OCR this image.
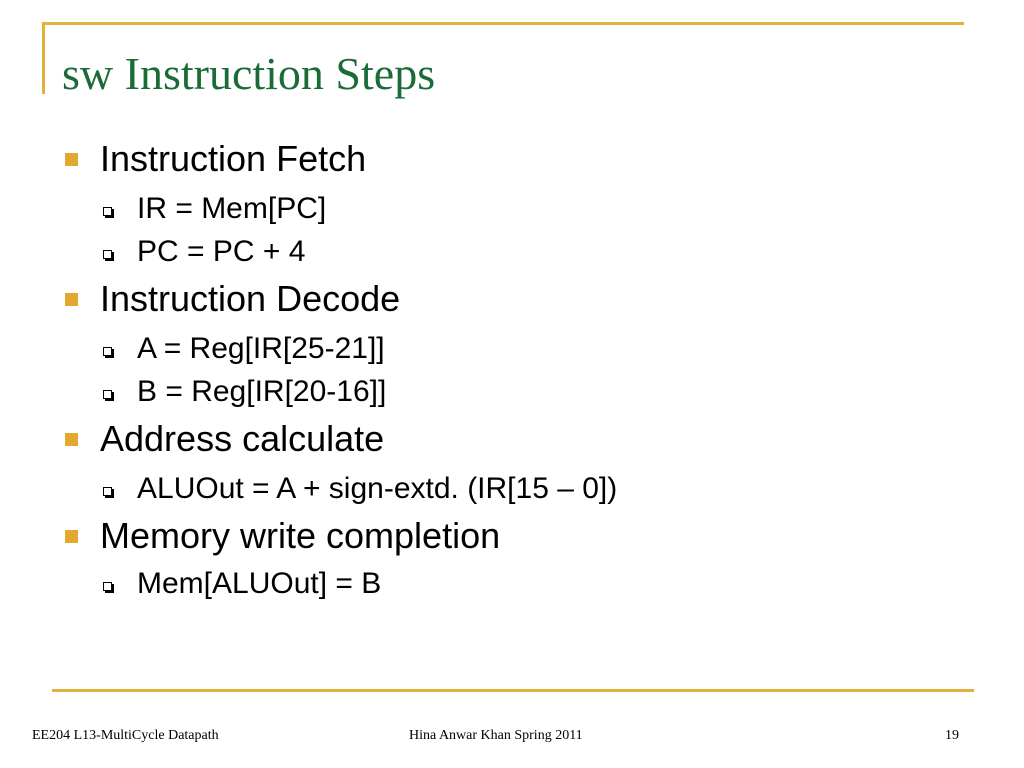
sw Instruction Steps
Instruction Fetch
IR = Mem[PC]
PC = PC + 4
Instruction Decode
A = Reg[IR[25-21]]
B = Reg[IR[20-16]]
Address calculate
ALUOut = A + sign-extd. (IR[15 – 0])
Memory write completion
Mem[ALUOut] = B
EE204 L13-MultiCycle Datapath	Hina Anwar Khan Spring 2011	19
